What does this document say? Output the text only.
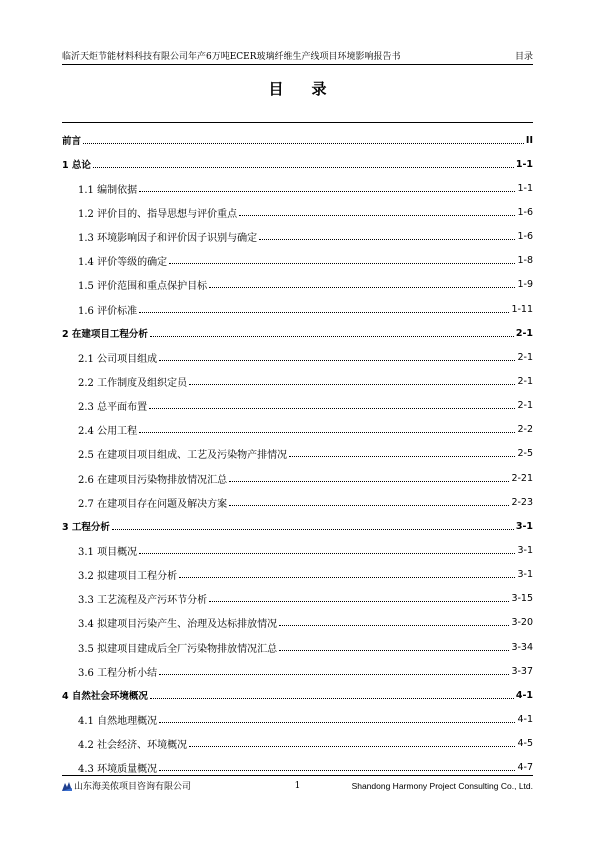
临沂天炬节能材料科技有限公司年产6万吨ECER玻璃纤维生产线项目环境影响报告书	目录
目录
前言	II
1 总论	1-1
1.1 编制依据	1-1
1.2 评价目的、指导思想与评价重点	1-6
1.3 环境影响因子和评价因子识别与确定	1-6
1.4 评价等级的确定	1-8
1.5 评价范围和重点保护目标	1-9
1.6 评价标准	1-11
2 在建项目工程分析	2-1
2.1 公司项目组成	2-1
2.2 工作制度及组织定员	2-1
2.3 总平面布置	2-1
2.4 公用工程	2-2
2.5 在建项目项目组成、工艺及污染物产排情况	2-5
2.6 在建项目污染物排放情况汇总	2-21
2.7 在建项目存在问题及解决方案	2-23
3 工程分析	3-1
3.1 项目概况	3-1
3.2 拟建项目工程分析	3-1
3.3 工艺流程及产污环节分析	3-15
3.4 拟建项目污染产生、治理及达标排放情况	3-20
3.5 拟建项目建成后全厂污染物排放情况汇总	3-34
3.6 工程分析小结	3-37
4 自然社会环境概况	4-1
4.1 自然地理概况	4-1
4.2 社会经济、环境概况	4-5
4.3 环境质量概况	4-7
山东海美侬项目咨询有限公司	1	Shandong Harmony Project Consulting Co., Ltd.
